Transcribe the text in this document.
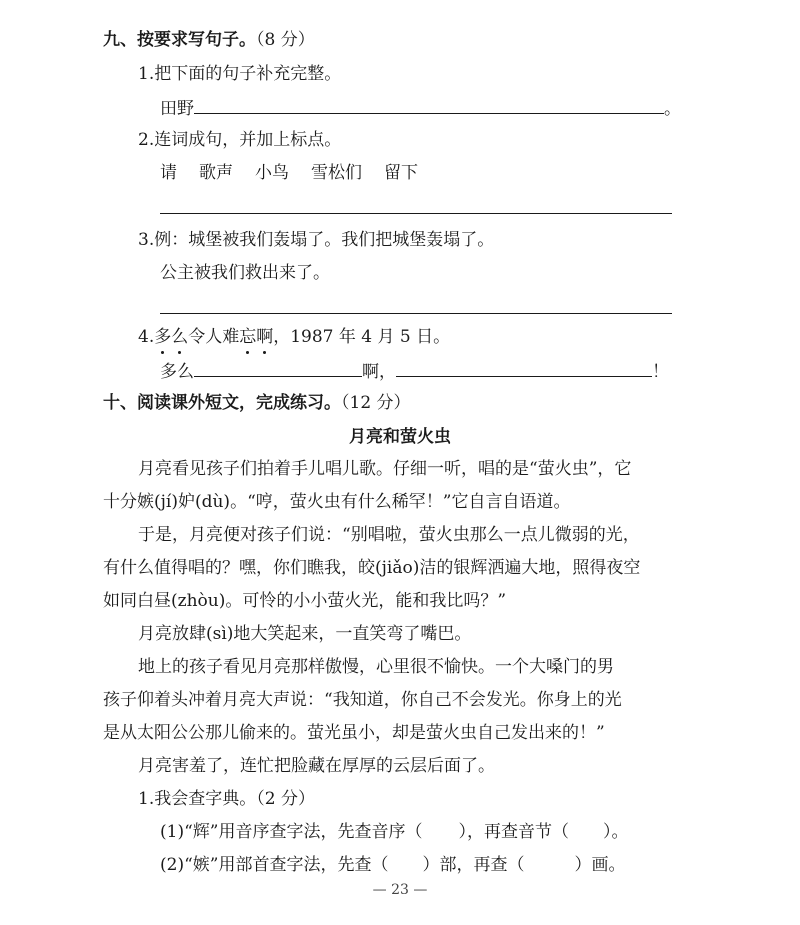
九、按要求写句子。（8 分）
1.把下面的句子补充完整。
田野	。
2.连词成句，并加上标点。
请 歌声 小鸟 雪松们 留下
3.例：城堡被我们轰塌了。我们把城堡轰塌了。
公主被我们救出来了。
4.多么令人难忘啊，1987 年 4 月 5 日。
多么	啊，	！
十、阅读课外短文，完成练习。（12 分）
月亮和萤火虫
月亮看见孩子们拍着手儿唱儿歌。仔细一听，唱的是“萤火虫”，它
十分嫉(jí)妒(dù)。“哼，萤火虫有什么稀罕！”它自言自语道。
于是，月亮便对孩子们说：“别唱啦，萤火虫那么一点儿微弱的光，
有什么值得唱的？嘿，你们瞧我，皎(jiǎo)洁的银辉洒遍大地，照得夜空
如同白昼(zhòu)。可怜的小小萤火光，能和我比吗？”
月亮放肆(sì)地大笑起来，一直笑弯了嘴巴。
地上的孩子看见月亮那样傲慢，心里很不愉快。一个大嗓门的男
孩子仰着头冲着月亮大声说：“我知道，你自己不会发光。你身上的光
是从太阳公公那儿偷来的。萤光虽小，却是萤火虫自己发出来的！”
月亮害羞了，连忙把脸藏在厚厚的云层后面了。
1.我会查字典。（2 分）
(1)“辉”用音序查字法，先查音序（ ），再查音节（ ）。
(2)“嫉”用部首查字法，先查（ ）部，再查（	）画。
— 23 —
